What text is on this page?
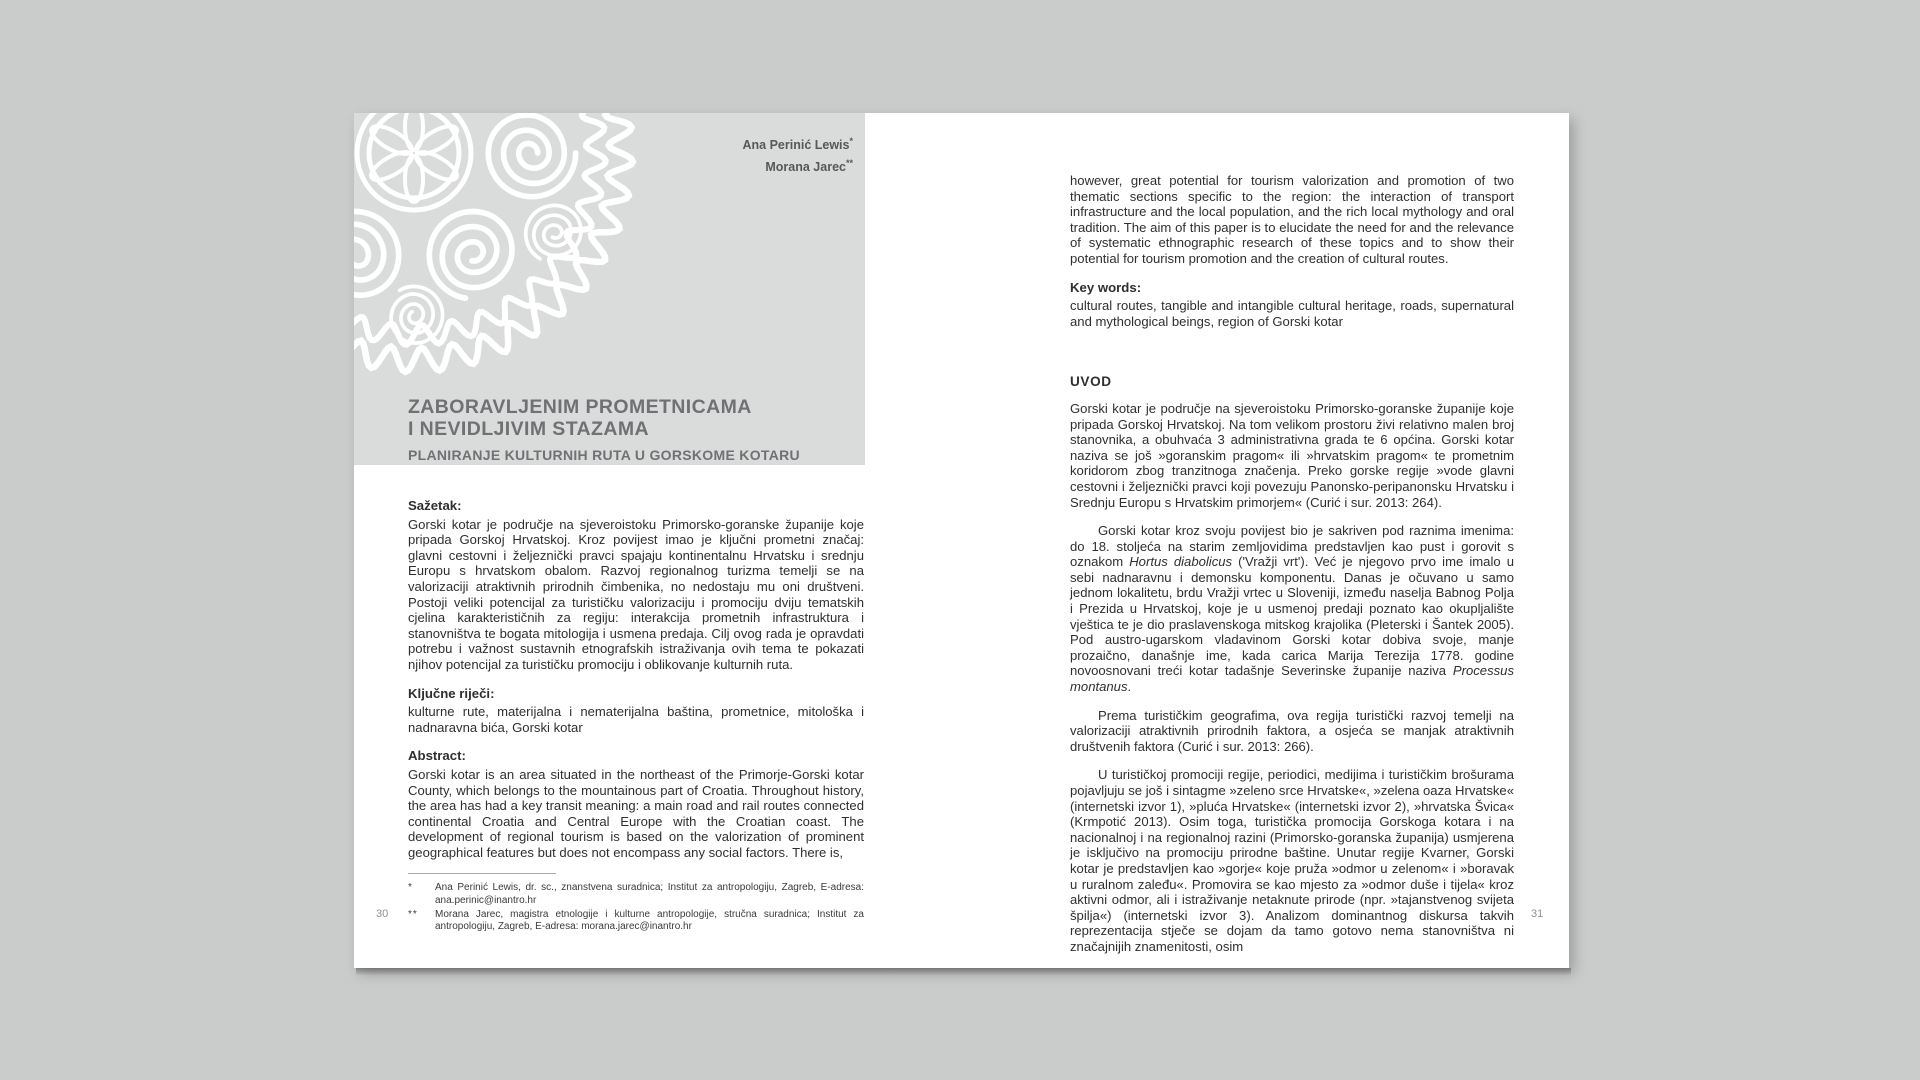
Ana Perinić Lewis*
Morana Jarec**
ZABORAVLJENIM PROMETNICAMA
I NEVIDLJIVIM STAZAMA
PLANIRANJE KULTURNIH RUTA U GORSKOME KOTARU
Sažetak:

Gorski kotar je područje na sjeveroistoku Primorsko-goranske županije koje pripada Gorskoj Hrvatskoj. Kroz povijest imao je ključni prometni značaj: glavni cestovni i željeznički pravci spajaju kontinentalnu Hrvatsku i srednju Europu s hrvatskom obalom. Razvoj regionalnog turizma temelji se na valorizaciji atraktivnih prirodnih čimbenika, no nedostaju mu oni društveni. Postoji veliki potencijal za turističku valorizaciju i promociju dviju tematskih cjelina karakterističnih za regiju: interakcija prometnih infrastruktura i stanovništva te bogata mitologija i usmena predaja. Cilj ovog rada je opravdati potrebu i važnost sustavnih etnografskih istraživanja ovih tema te pokazati njihov potencijal za turističku promociju i oblikovanje kulturnih ruta.

Ključne riječi:

kulturne rute, materijalna i nematerijalna baština, prometnice, mitološka i nadnaravna bića, Gorski kotar

Abstract:

Gorski kotar is an area situated in the northeast of the Primorje-Gorski kotar County, which belongs to the mountainous part of Croatia. Throughout history, the area has had a key transit meaning: a main road and rail routes connected continental Croatia and Central Europe with the Croatian coast. The development of regional tourism is based on the valorization of prominent geographical features but does not encompass any social factors. There is,

*	Ana Perinić Lewis, dr. sc., znanstvena suradnica; Institut za antropologiju, Zagreb, E-adresa: ana.perinic@inantro.hr
**	Morana Jarec, magistra etnologije i kulturne antropologije, stručna suradnica; Institut za antropologiju, Zagreb, E-adresa: morana.jarec@inantro.hr
30

however, great potential for tourism valorization and promotion of two thematic sections specific to the region: the interaction of transport infrastructure and the local population, and the rich local mythology and oral tradition. The aim of this paper is to elucidate the need for and the relevance of systematic ethnographic research of these topics and to show their potential for tourism promotion and the creation of cultural routes.

Key words:

cultural routes, tangible and intangible cultural heritage, roads, supernatural and mythological beings, region of Gorski kotar

UVOD

Gorski kotar je područje na sjeveroistoku Primorsko-goranske županije koje pripada Gorskoj Hrvatskoj. Na tom velikom prostoru živi relativno malen broj stanovnika, a obuhvaća 3 administrativna grada te 6 općina. Gorski kotar naziva se još »goranskim pragom« ili »hrvatskim pragom« te prometnim koridorom zbog tranzitnoga značenja. Preko gorske regije »vode glavni cestovni i željeznički pravci koji povezuju Panonsko-peripanonsku Hrvatsku i Srednju Europu s Hrvatskim primorjem« (Curić i sur. 2013: 264).

Gorski kotar kroz svoju povijest bio je sakriven pod raznima imenima: do 18. stoljeća na starim zemljovidima predstavljen kao pust i gorovit s oznakom Hortus diabolicus ('Vražji vrt'). Već je njegovo prvo ime imalo u sebi nadnaravnu i demonsku komponentu. Danas je očuvano u samo jednom lokalitetu, brdu Vražji vrtec u Sloveniji, između naselja Babnog Polja i Prezida u Hrvatskoj, koje je u usmenoj predaji poznato kao okupljalište vještica te je dio praslavenskoga mitskog krajolika (Pleterski i Šantek 2005). Pod austro-ugarskom vladavinom Gorski kotar dobiva svoje, manje prozaično, današnje ime, kada carica Marija Terezija 1778. godine novoosnovani treći kotar tadašnje Severinske županije naziva Processus montanus.

Prema turističkim geografima, ova regija turistički razvoj temelji na valorizaciji atraktivnih prirodnih faktora, a osjeća se manjak atraktivnih društvenih faktora (Curić i sur. 2013: 266).

U turističkoj promociji regije, periodici, medijima i turističkim brošurama pojavljuju se još i sintagme »zeleno srce Hrvatske«, »zelena oaza Hrvatske« (internetski izvor 1), »pluća Hrvatske« (internetski izvor 2), »hrvatska Švica« (Krmpotić 2013). Osim toga, turistička promocija Gorskoga kotara i na nacionalnoj i na regionalnoj razini (Primorsko-goranska županija) usmjerena je isključivo na promociju prirodne baštine. Unutar regije Kvarner, Gorski kotar je predstavljen kao »gorje« koje pruža »odmor u zelenom« i »boravak u ruralnom zaleđu«. Promovira se kao mjesto za »odmor duše i tijela« kroz aktivni odmor, ali i istraživanje netaknute prirode (npr. »tajanstvenog svijeta špilja«) (internetski izvor 3). Analizom dominantnog diskursa takvih reprezentacija stječe se dojam da tamo gotovo nema stanovništva ni značajnijih znamenitosti, osim

31
